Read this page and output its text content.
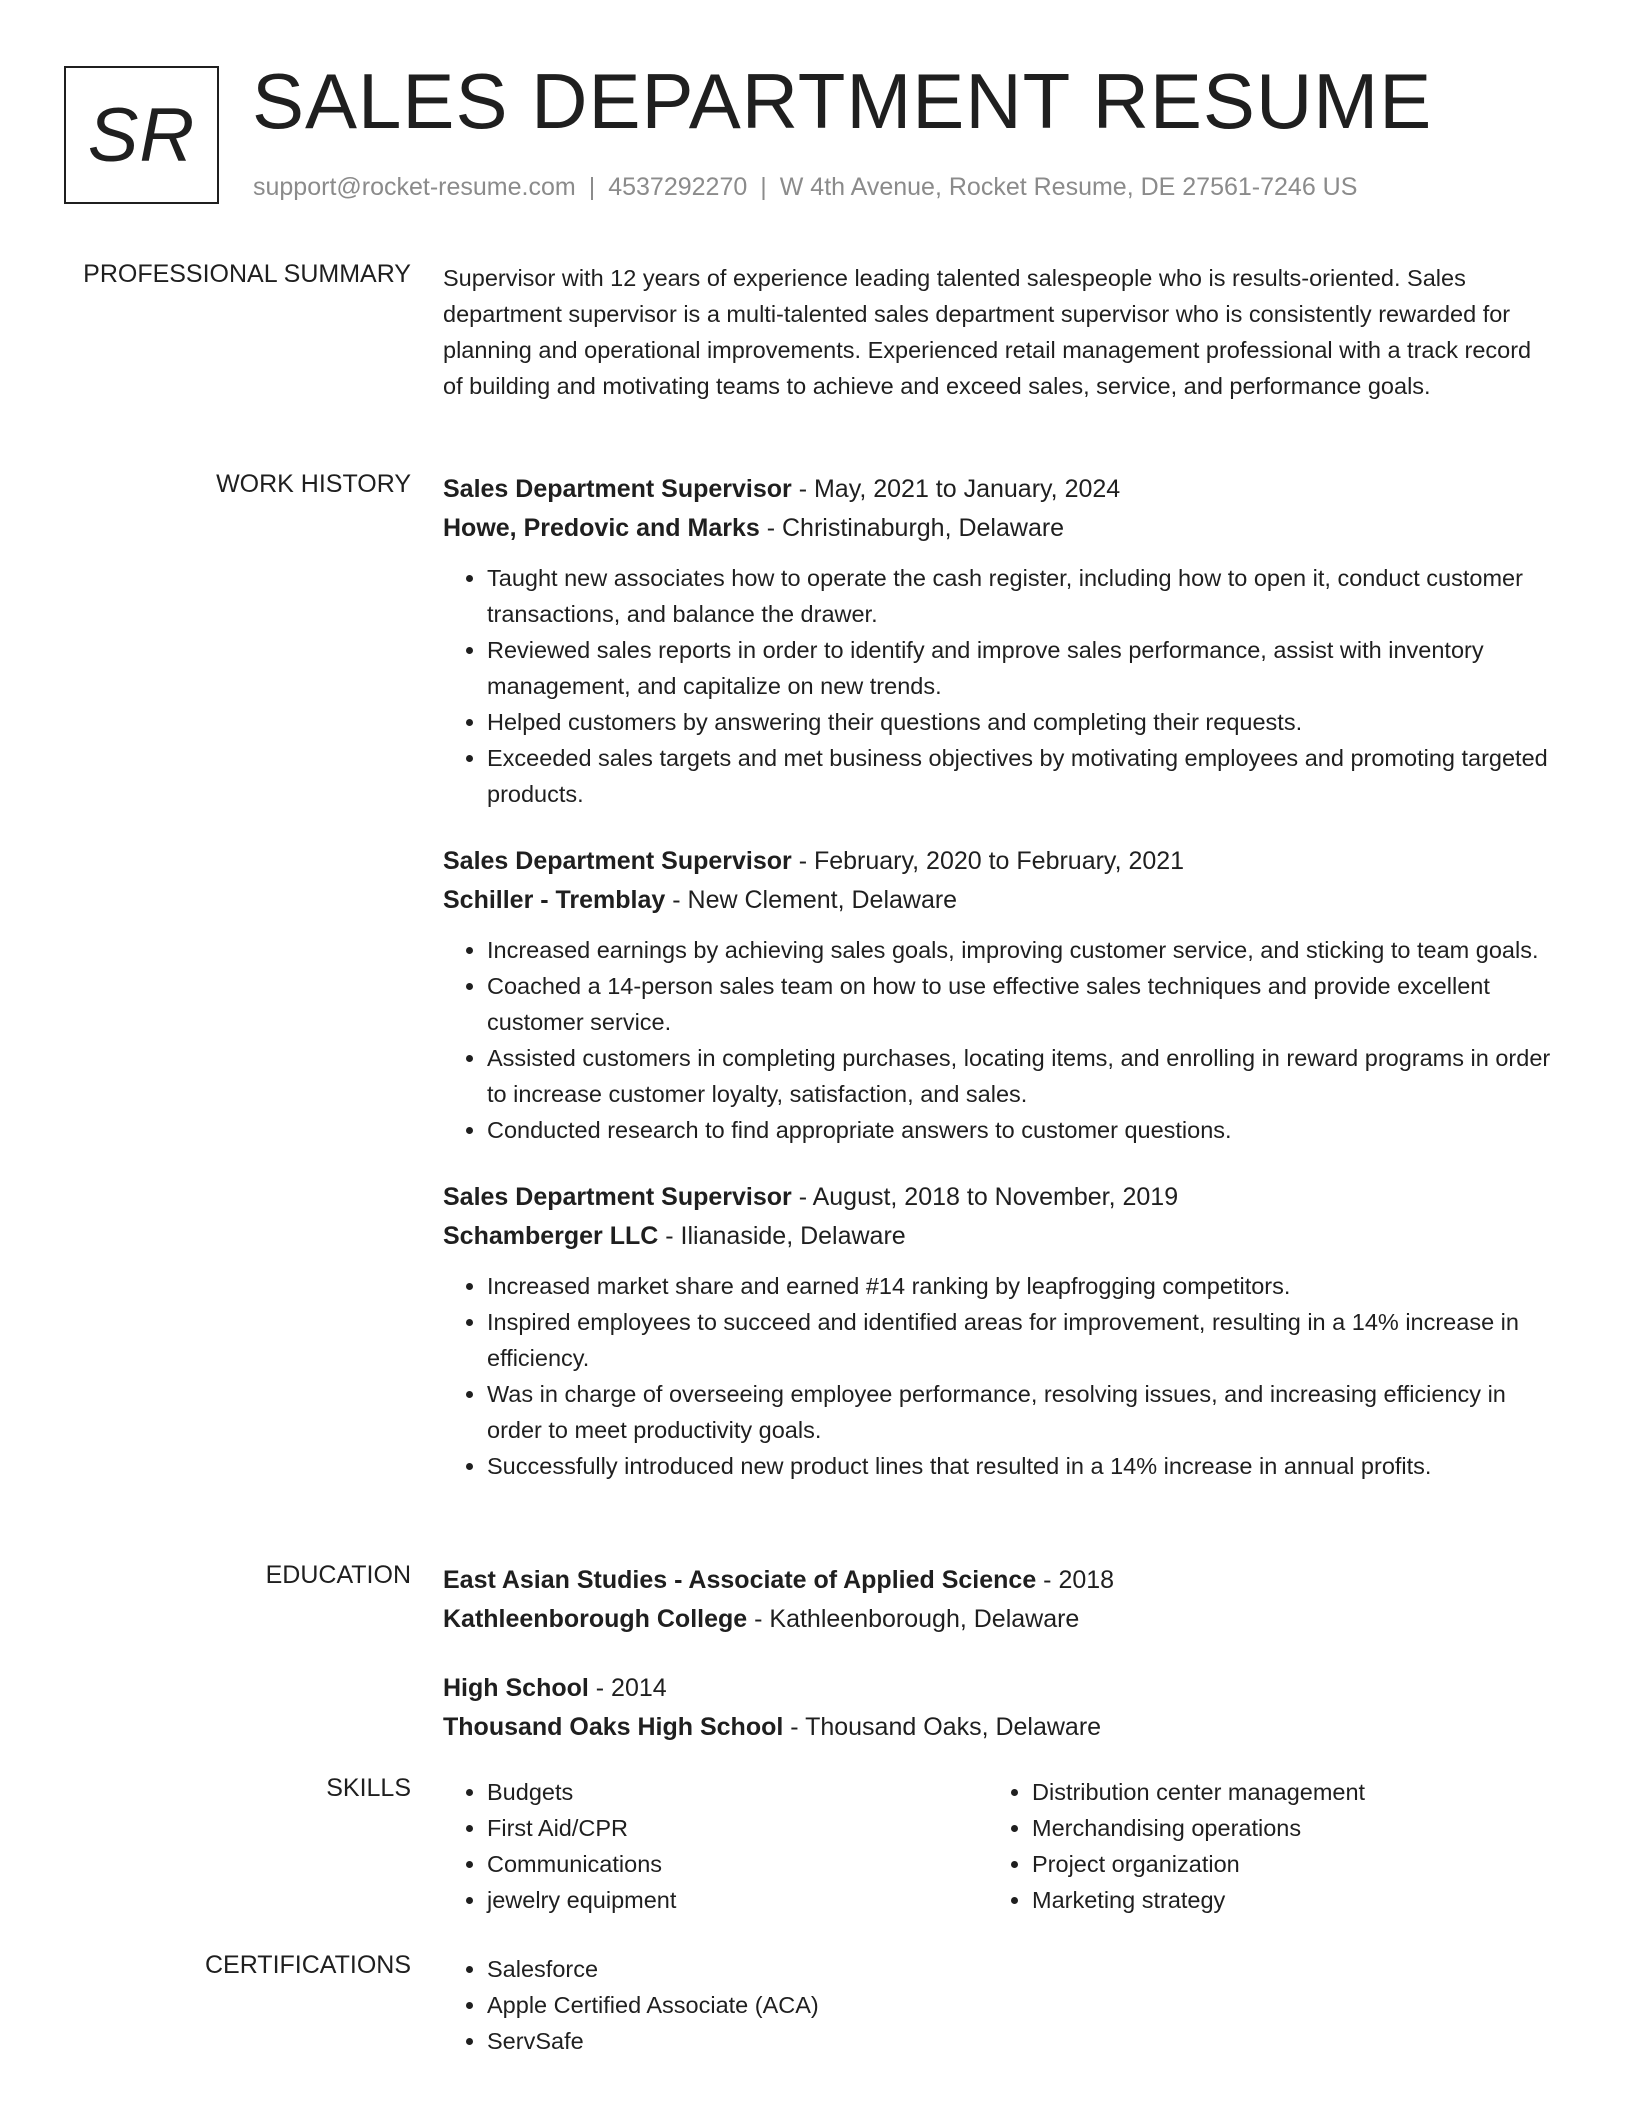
SR SALES DEPARTMENT RESUME
support@rocket-resume.com | 4537292270 | W 4th Avenue, Rocket Resume, DE 27561-7246 US
PROFESSIONAL SUMMARY Supervisor with 12 years of experience leading talented salespeople who is results-oriented. Sales department supervisor is a multi-talented sales department supervisor who is consistently rewarded for planning and operational improvements. Experienced retail management professional with a track record of building and motivating teams to achieve and exceed sales, service, and performance goals.

WORK HISTORY Sales Department Supervisor - May, 2021 to January, 2024
Howe, Predovic and Marks - Christinaburgh, Delaware
• Taught new associates how to operate the cash register, including how to open it, conduct customer transactions, and balance the drawer.
• Reviewed sales reports in order to identify and improve sales performance, assist with inventory management, and capitalize on new trends.
• Helped customers by answering their questions and completing their requests.
• Exceeded sales targets and met business objectives by motivating employees and promoting targeted products.
Sales Department Supervisor - February, 2020 to February, 2021
Schiller - Tremblay - New Clement, Delaware
• Increased earnings by achieving sales goals, improving customer service, and sticking to team goals.
• Coached a 14-person sales team on how to use effective sales techniques and provide excellent customer service.
• Assisted customers in completing purchases, locating items, and enrolling in reward programs in order to increase customer loyalty, satisfaction, and sales.
• Conducted research to find appropriate answers to customer questions.
Sales Department Supervisor - August, 2018 to November, 2019
Schamberger LLC - Ilianaside, Delaware
• Increased market share and earned #14 ranking by leapfrogging competitors.
• Inspired employees to succeed and identified areas for improvement, resulting in a 14% increase in efficiency.
• Was in charge of overseeing employee performance, resolving issues, and increasing efficiency in order to meet productivity goals.
• Successfully introduced new product lines that resulted in a 14% increase in annual profits.
EDUCATION East Asian Studies - Associate of Applied Science - 2018
Kathleenborough College - Kathleenborough, Delaware
High School - 2014
Thousand Oaks High School - Thousand Oaks, Delaware
SKILLS	• Budgets
• First Aid/CPR
• Communications
• jewelry equipment
• Distribution center management
• Merchandising operations
• Project organization
• Marketing strategy
CERTIFICATIONS	• Salesforce
• Apple Certified Associate (ACA)
• ServSafe
